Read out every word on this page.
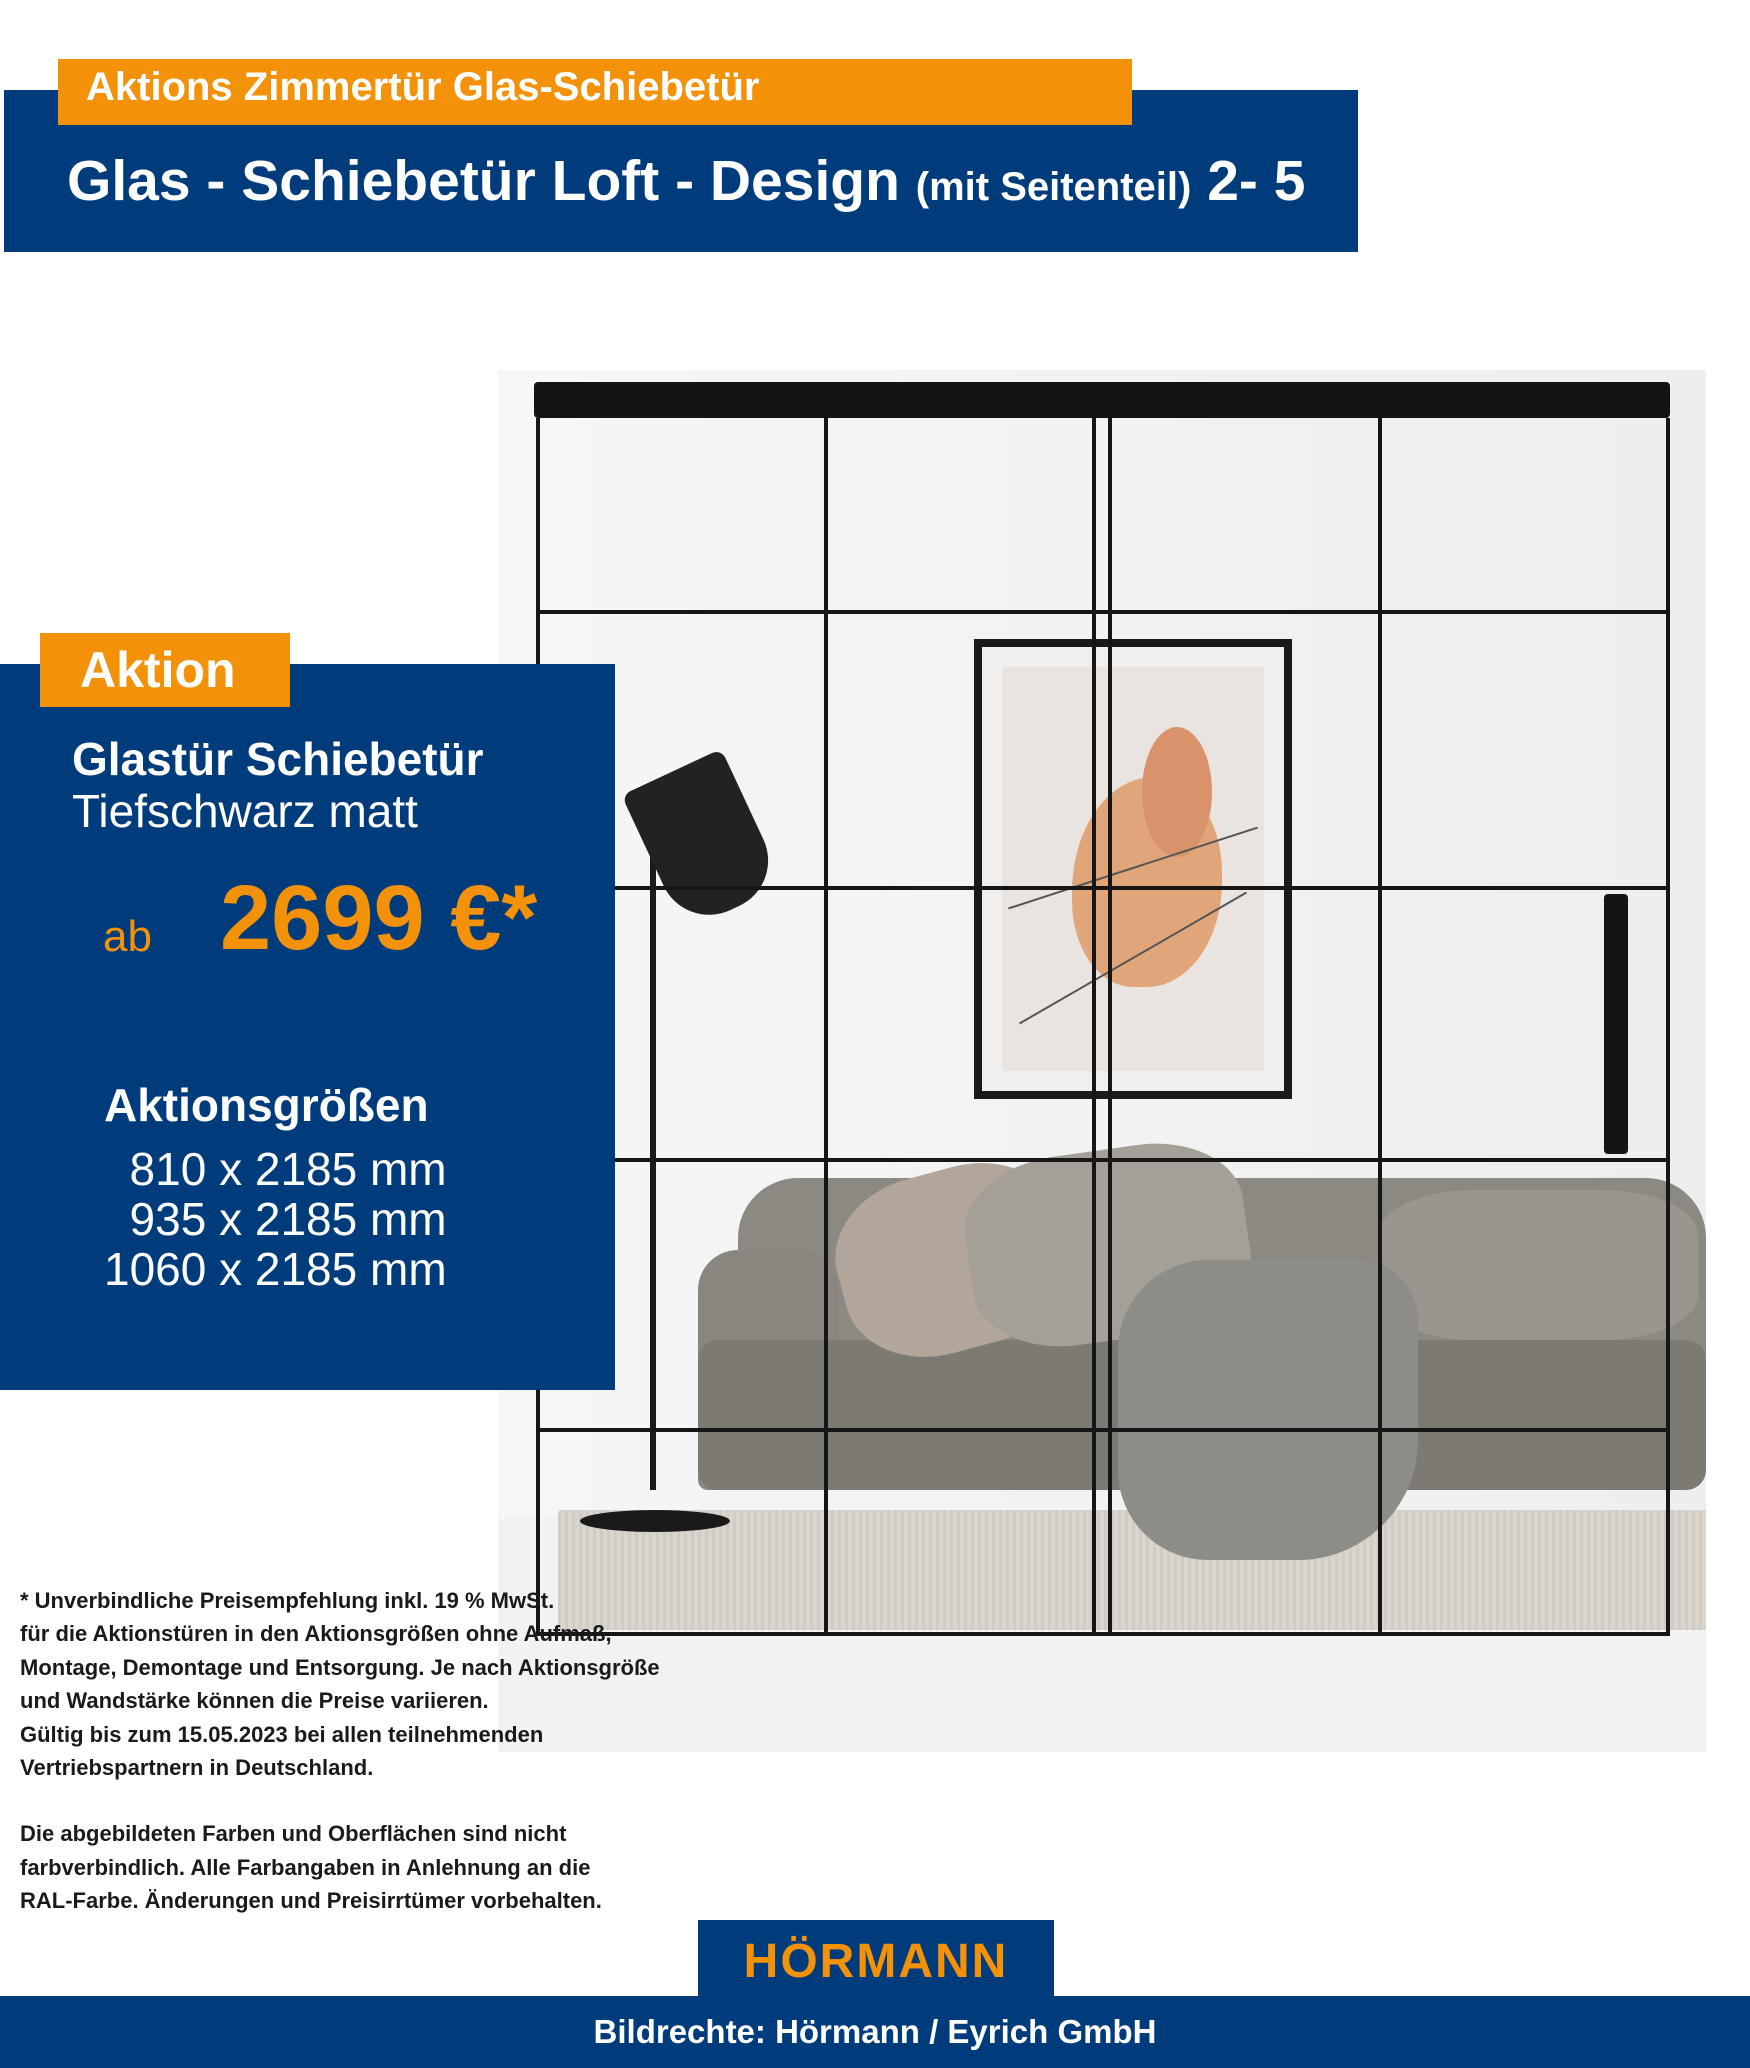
Aktions Zimmertür Glas-Schiebetür
Glas - Schiebetür Loft - Design (mit Seitenteil) 2- 5
Aktion
Glastür Schiebetür
Tiefschwarz matt
ab 2699 €*
Aktionsgrößen
810 x 2185 mm
935 x 2185 mm
1060 x 2185 mm

* Unverbindliche Preisempfehlung inkl. 19 % MwSt.

für die Aktionstüren in den Aktionsgrößen ohne Aufmaß,

Montage, Demontage und Entsorgung. Je nach Aktionsgröße

und Wandstärke können die Preise variieren.

Gültig bis zum 15.05.2023 bei allen teilnehmenden

Vertriebspartnern in Deutschland.

Die abgebildeten Farben und Oberflächen sind nicht

farbverbindlich. Alle Farbangaben in Anlehnung an die

RAL-Farbe. Änderungen und Preisirrtümer vorbehalten.

HÖRMANN
Bildrechte: Hörmann / Eyrich GmbH
